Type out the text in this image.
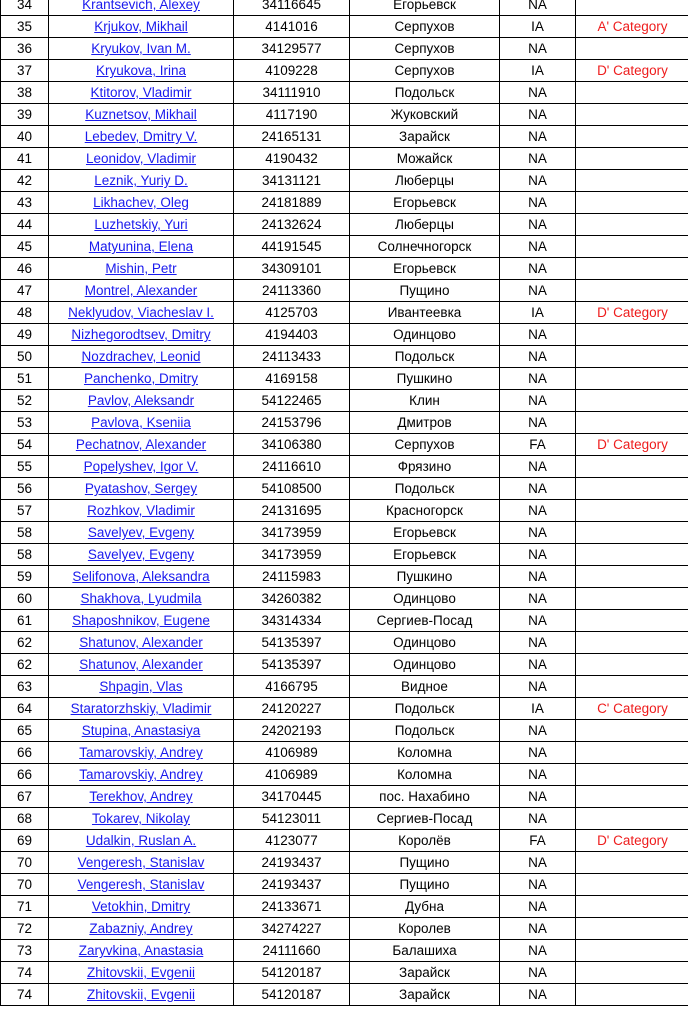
34	Krantsevich, Alexey	34116645	Егорьевск	NA	
35	Krjukov, Mikhail	4141016	Серпухов	IA	A' Category
36	Kryukov, Ivan M.	34129577	Серпухов	NA	
37	Kryukova, Irina	4109228	Серпухов	IA	D' Category
38	Ktitorov, Vladimir	34111910	Подольск	NA	
39	Kuznetsov, Mikhail	4117190	Жуковский	NA	
40	Lebedev, Dmitry V.	24165131	Зарайск	NA	
41	Leonidov, Vladimir	4190432	Можайск	NA	
42	Leznik, Yuriy D.	34131121	Люберцы	NA	
43	Likhachev, Oleg	24181889	Егорьевск	NA	
44	Luzhetskiy, Yuri	24132624	Люберцы	NA	
45	Matyunina, Elena	44191545	Солнечногорск	NA	
46	Mishin, Petr	34309101	Егорьевск	NA	
47	Montrel, Alexander	24113360	Пущино	NA	
48	Neklyudov, Viacheslav I.	4125703	Ивантеевка	IA	D' Category
49	Nizhegorodtsev, Dmitry	4194403	Одинцово	NA	
50	Nozdrachev, Leonid	24113433	Подольск	NA	
51	Panchenko, Dmitry	4169158	Пушкино	NA	
52	Pavlov, Aleksandr	54122465	Клин	NA	
53	Pavlova, Kseniia	24153796	Дмитров	NA	
54	Pechatnov, Alexander	34106380	Серпухов	FA	D' Category
55	Popelyshev, Igor V.	24116610	Фрязино	NA	
56	Pyatashov, Sergey	54108500	Подольск	NA	
57	Rozhkov, Vladimir	24131695	Красногорск	NA	
58	Savelyev, Evgeny	34173959	Егорьевск	NA	
58	Savelyev, Evgeny	34173959	Егорьевск	NA	
59	Selifonova, Aleksandra	24115983	Пушкино	NA	
60	Shakhova, Lyudmila	34260382	Одинцово	NA	
61	Shaposhnikov, Eugene	34314334	Сергиев-Посад	NA	
62	Shatunov, Alexander	54135397	Одинцово	NA	
62	Shatunov, Alexander	54135397	Одинцово	NA	
63	Shpagin, Vlas	4166795	Видное	NA	
64	Staratorzhskiy, Vladimir	24120227	Подольск	IA	C' Category
65	Stupina, Anastasiya	24202193	Подольск	NA	
66	Tamarovskiy, Andrey	4106989	Коломна	NA	
66	Tamarovskiy, Andrey	4106989	Коломна	NA	
67	Terekhov, Andrey	34170445	пос. Нахабино	NA	
68	Tokarev, Nikolay	54123011	Сергиев-Посад	NA	
69	Udalkin, Ruslan A.	4123077	Королёв	FA	D' Category
70	Vengeresh, Stanislav	24193437	Пущино	NA	
70	Vengeresh, Stanislav	24193437	Пущино	NA	
71	Vetokhin, Dmitry	24133671	Дубна	NA	
72	Zabazniy, Andrey	34274227	Королев	NA	
73	Zaryvkina, Anastasia	24111660	Балашиха	NA	
74	Zhitovskii, Evgenii	54120187	Зарайск	NA	
74	Zhitovskii, Evgenii	54120187	Зарайск	NA	
